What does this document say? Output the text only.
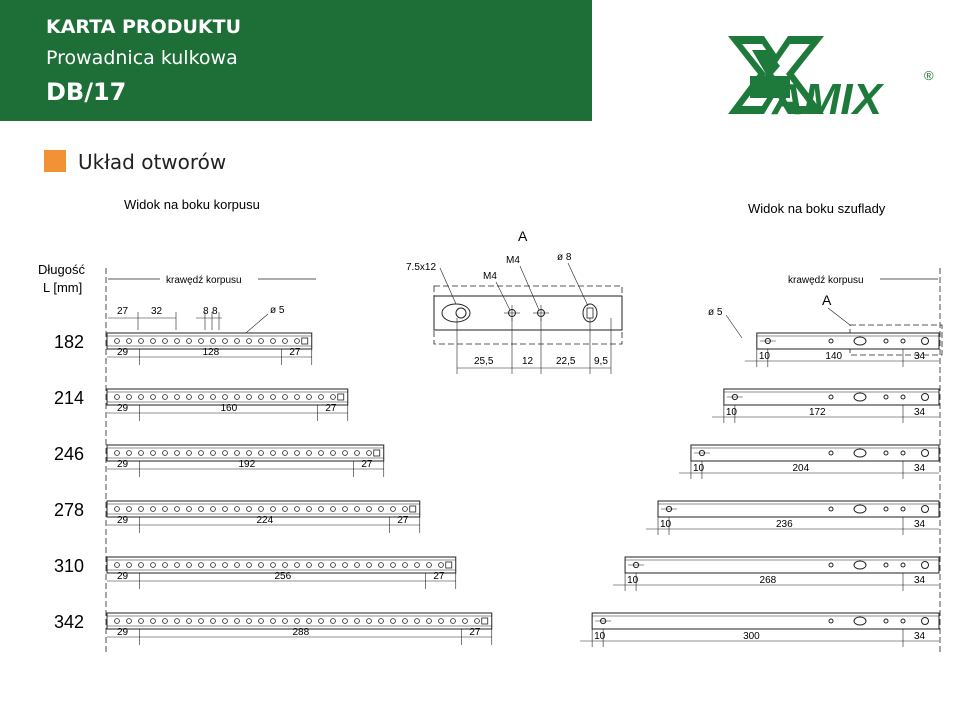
KARTA PRODUKTU
Prowadnica kulkowa
DB/17	AMIX	®
Układ otworów
Widok na boku korpusu
Długość
L [mm]	krawędź korpusu
27 32	8 8	ø 5
A
7.5x12
M4
M4	ø 8
25,5	12 22,5 9,5
Widok na boku szuflady
krawędź korpusu
A
ø 5
29	128	27
29	160	27
29	192	27
29	224	27
29	256	27
29	288	27
10	140	34
10	172	34
10	204	34
10	236	34
10	268	34
10	300	34
182
214
246
278
310
342
